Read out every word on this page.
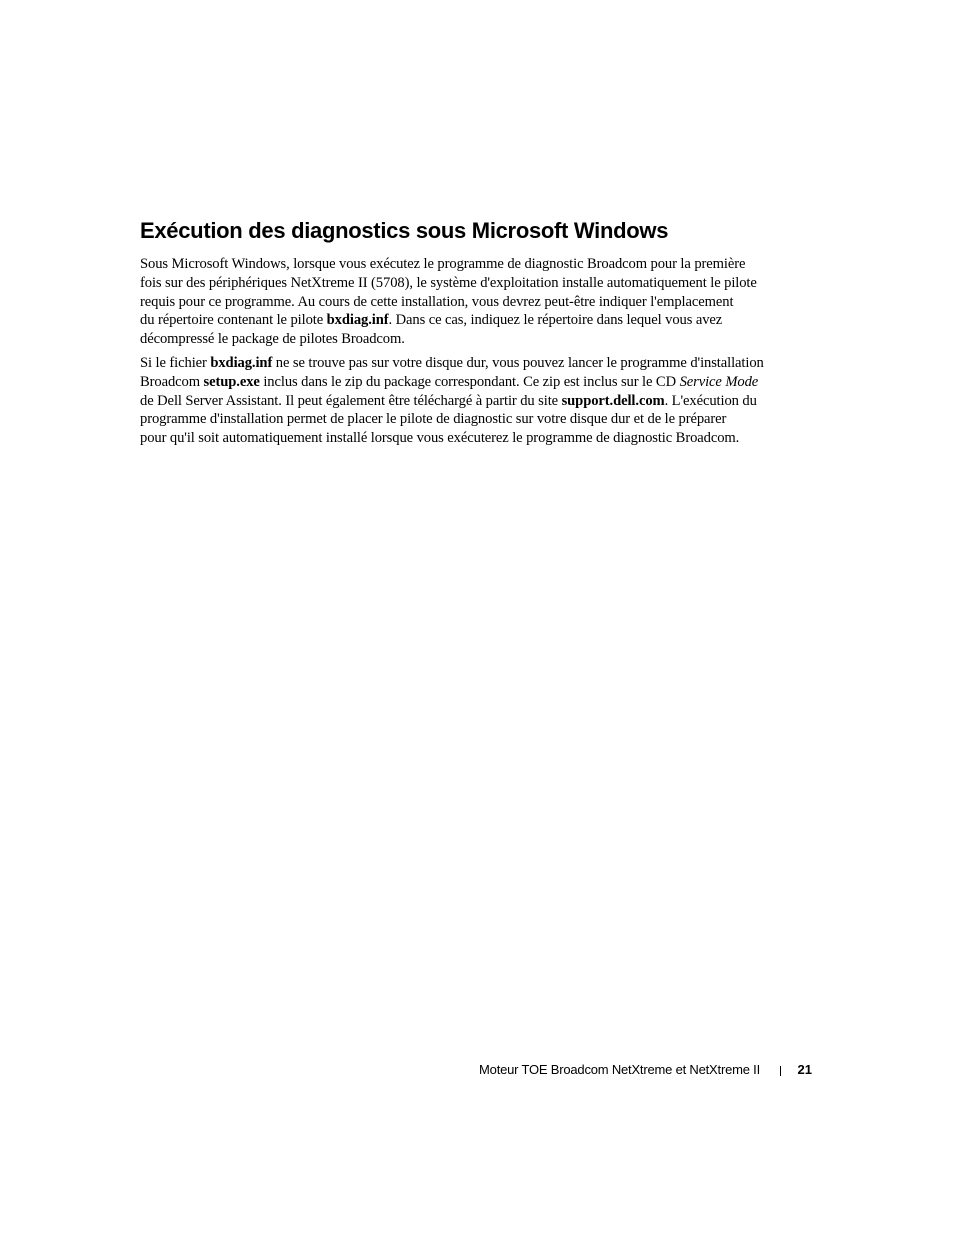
Exécution des diagnostics sous Microsoft Windows

Sous Microsoft Windows, lorsque vous exécutez le programme de diagnostic Broadcom pour la première
fois sur des périphériques NetXtreme II (5708), le système d'exploitation installe automatiquement le pilote
requis pour ce programme. Au cours de cette installation, vous devrez peut-être indiquer l'emplacement
du répertoire contenant le pilote bxdiag.inf. Dans ce cas, indiquez le répertoire dans lequel vous avez
décompressé le package de pilotes Broadcom.

Si le fichier bxdiag.inf ne se trouve pas sur votre disque dur, vous pouvez lancer le programme d'installation
Broadcom setup.exe inclus dans le zip du package correspondant. Ce zip est inclus sur le CD Service Mode
de Dell Server Assistant. Il peut également être téléchargé à partir du site support.dell.com. L'exécution du
programme d'installation permet de placer le pilote de diagnostic sur votre disque dur et de le préparer
pour qu'il soit automatiquement installé lorsque vous exécuterez le programme de diagnostic Broadcom.

Moteur TOE Broadcom NetXtreme et NetXtreme II	21
